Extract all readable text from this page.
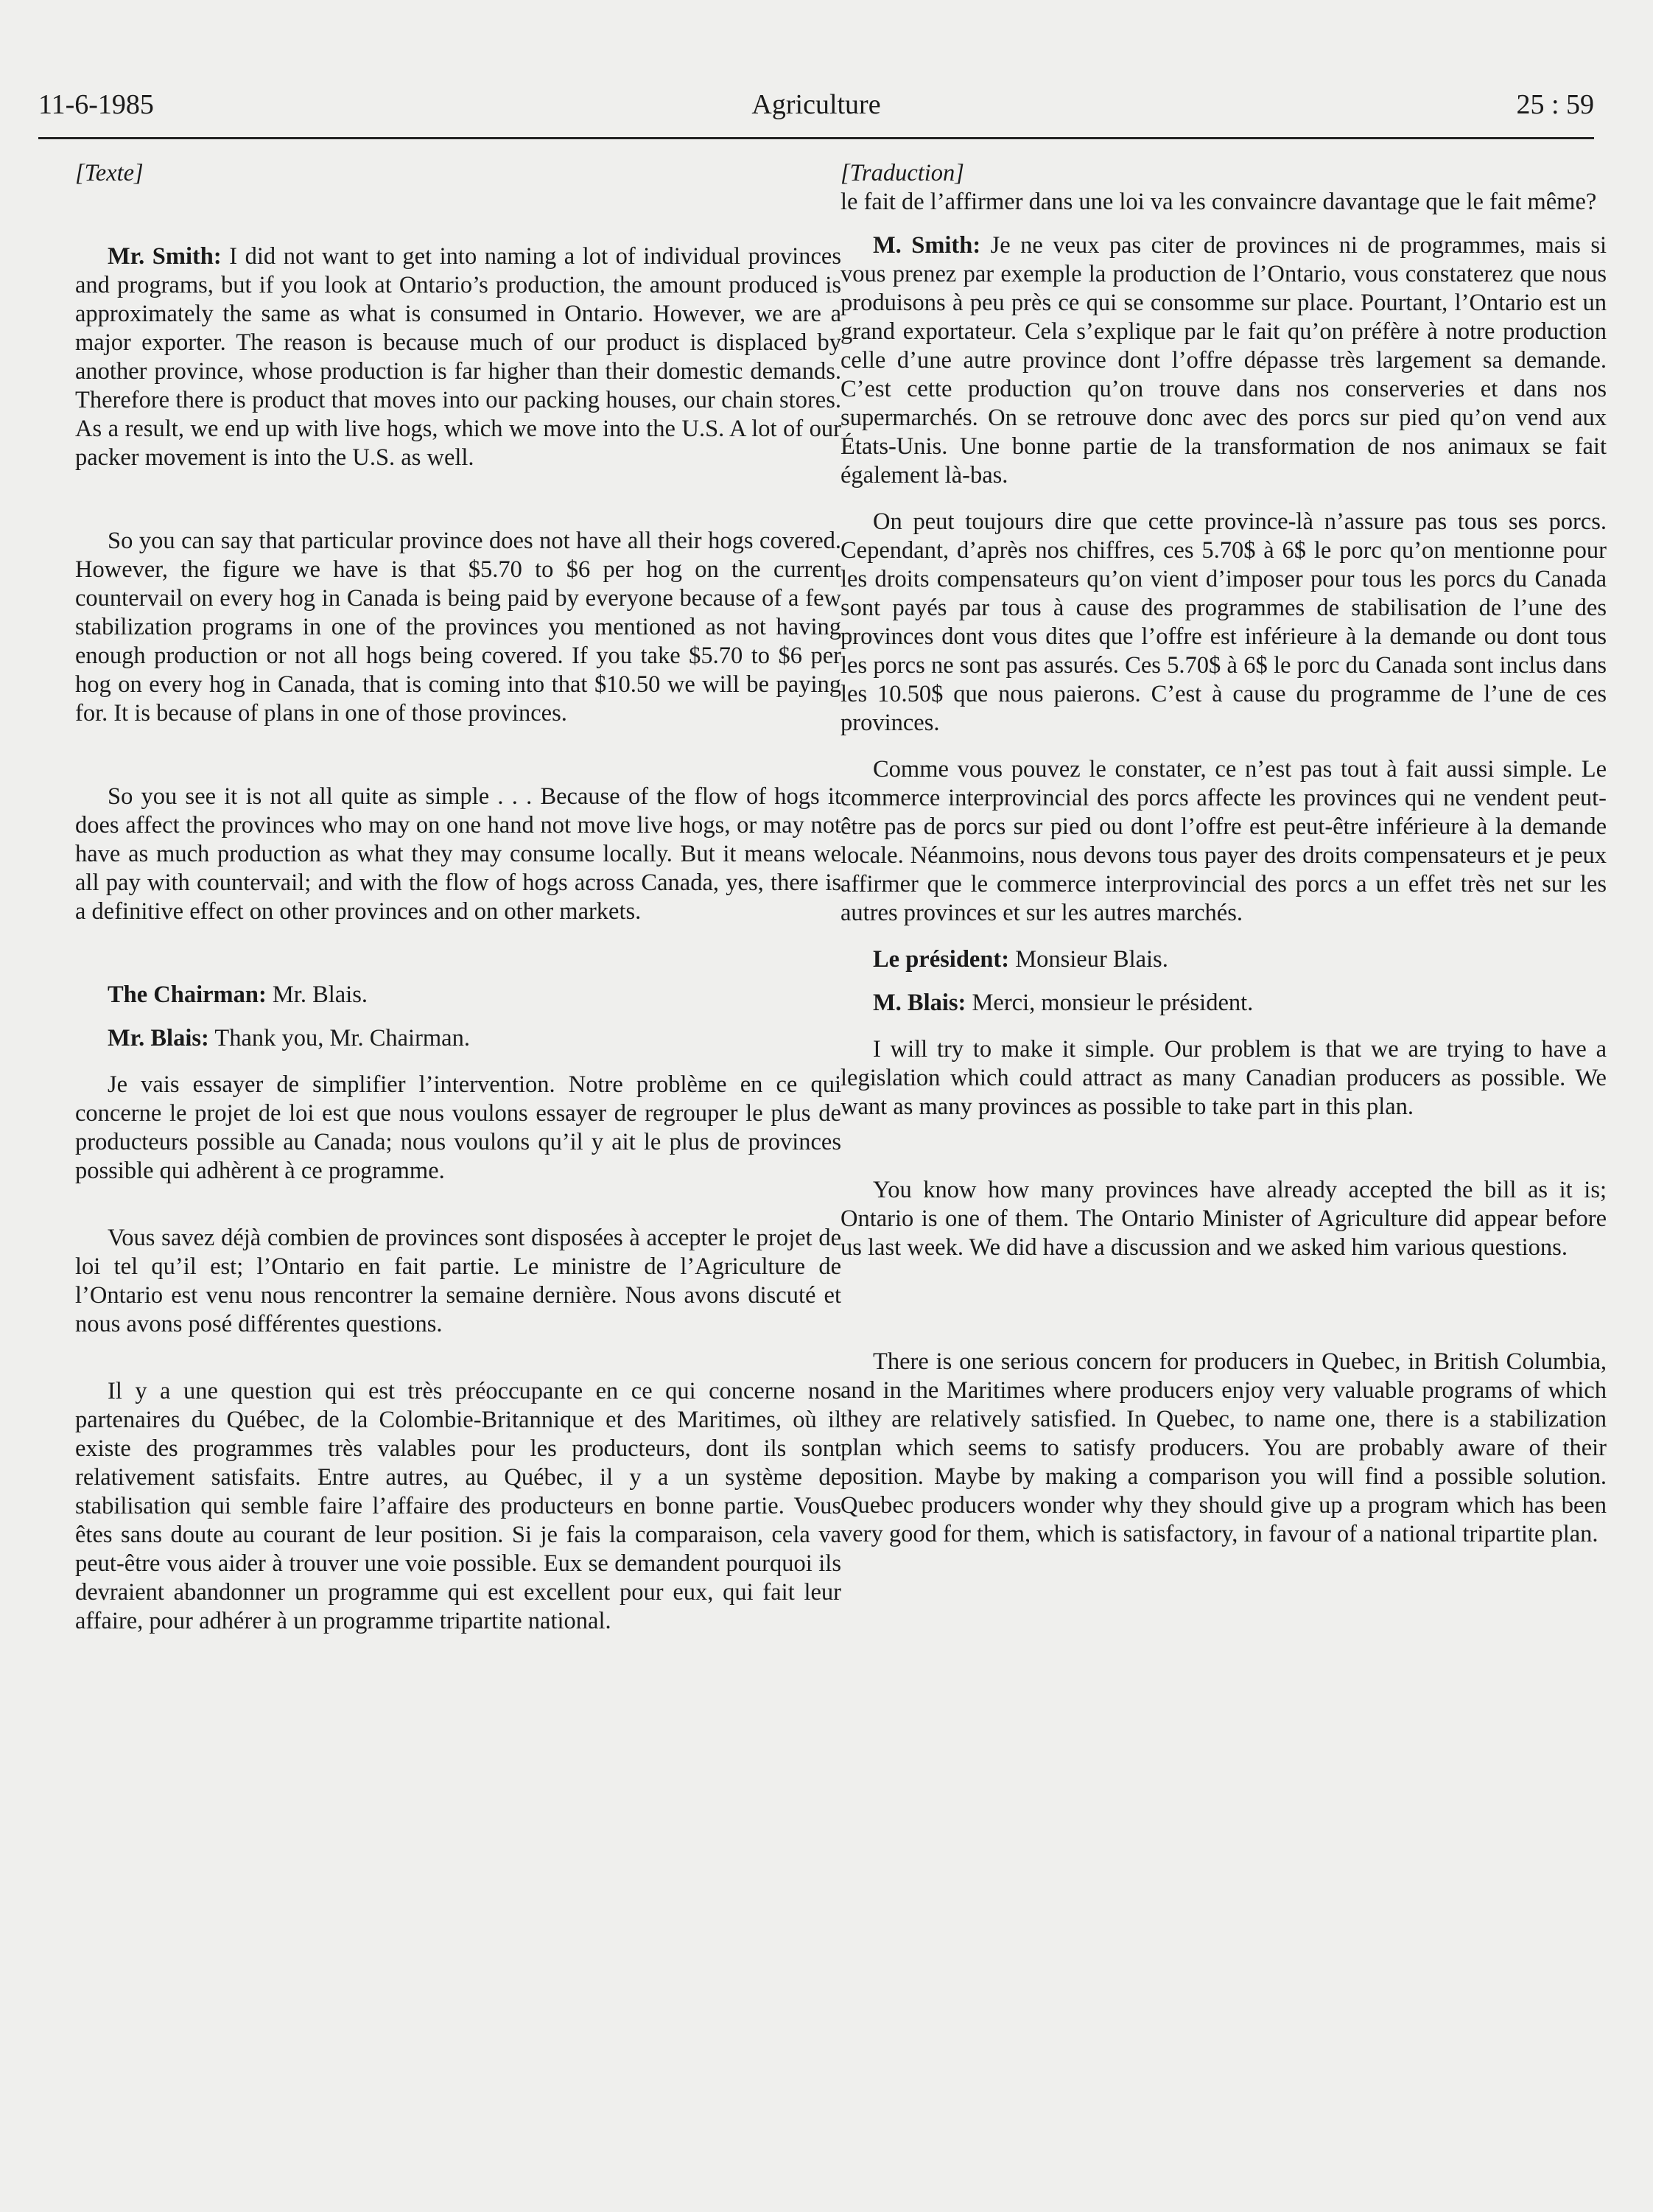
11-6-1985	Agriculture	25 : 59

[Texte]

Mr. Smith: I did not want to get into naming a lot of individual provinces and programs, but if you look at Ontario’s production, the amount produced is approximately the same as what is consumed in Ontario. However, we are a major exporter. The reason is because much of our product is displaced by another province, whose production is far higher than their domestic demands. Therefore there is product that moves into our packing houses, our chain stores. As a result, we end up with live hogs, which we move into the U.S. A lot of our packer movement is into the U.S. as well.

So you can say that particular province does not have all their hogs covered. However, the figure we have is that $5.70 to $6 per hog on the current countervail on every hog in Canada is being paid by everyone because of a few stabilization programs in one of the provinces you mentioned as not having enough production or not all hogs being covered. If you take $5.70 to $6 per hog on every hog in Canada, that is coming into that $10.50 we will be paying for. It is because of plans in one of those provinces.

So you see it is not all quite as simple . . . Because of the flow of hogs it does affect the provinces who may on one hand not move live hogs, or may not have as much production as what they may consume locally. But it means we all pay with countervail; and with the flow of hogs across Canada, yes, there is a definitive effect on other provinces and on other markets.

The Chairman: Mr. Blais.

Mr. Blais: Thank you, Mr. Chairman.

Je vais essayer de simplifier l’intervention. Notre problème en ce qui concerne le projet de loi est que nous voulons essayer de regrouper le plus de producteurs possible au Canada; nous voulons qu’il y ait le plus de provinces possible qui adhèrent à ce programme.

Vous savez déjà combien de provinces sont disposées à accepter le projet de loi tel qu’il est; l’Ontario en fait partie. Le ministre de l’Agriculture de l’Ontario est venu nous rencontrer la semaine dernière. Nous avons discuté et nous avons posé différentes questions.

Il y a une question qui est très préoccupante en ce qui concerne nos partenaires du Québec, de la Colombie-Britannique et des Maritimes, où il existe des programmes très valables pour les producteurs, dont ils sont relativement satisfaits. Entre autres, au Québec, il y a un système de stabilisation qui semble faire l’affaire des producteurs en bonne partie. Vous êtes sans doute au courant de leur position. Si je fais la comparaison, cela va peut-être vous aider à trouver une voie possible. Eux se demandent pourquoi ils devraient abandonner un programme qui est excellent pour eux, qui fait leur affaire, pour adhérer à un programme tripartite national.

[Traduction]

le fait de l’affirmer dans une loi va les convaincre davantage que le fait même?

M. Smith: Je ne veux pas citer de provinces ni de programmes, mais si vous prenez par exemple la production de l’Ontario, vous constaterez que nous produisons à peu près ce qui se consomme sur place. Pourtant, l’Ontario est un grand exportateur. Cela s’explique par le fait qu’on préfère à notre production celle d’une autre province dont l’offre dépasse très largement sa demande. C’est cette production qu’on trouve dans nos conserveries et dans nos supermarchés. On se retrouve donc avec des porcs sur pied qu’on vend aux États-Unis. Une bonne partie de la transformation de nos animaux se fait également là-bas.

On peut toujours dire que cette province-là n’assure pas tous ses porcs. Cependant, d’après nos chiffres, ces 5.70$ à 6$ le porc qu’on mentionne pour les droits compensateurs qu’on vient d’imposer pour tous les porcs du Canada sont payés par tous à cause des programmes de stabilisation de l’une des provinces dont vous dites que l’offre est inférieure à la demande ou dont tous les porcs ne sont pas assurés. Ces 5.70$ à 6$ le porc du Canada sont inclus dans les 10.50$ que nous paierons. C’est à cause du programme de l’une de ces provinces.

Comme vous pouvez le constater, ce n’est pas tout à fait aussi simple. Le commerce interprovincial des porcs affecte les provinces qui ne vendent peut-être pas de porcs sur pied ou dont l’offre est peut-être inférieure à la demande locale. Néanmoins, nous devons tous payer des droits compensateurs et je peux affirmer que le commerce interprovincial des porcs a un effet très net sur les autres provinces et sur les autres marchés.

Le président: Monsieur Blais.

M. Blais: Merci, monsieur le président.

I will try to make it simple. Our problem is that we are trying to have a legislation which could attract as many Canadian producers as possible. We want as many provinces as possible to take part in this plan.

You know how many provinces have already accepted the bill as it is; Ontario is one of them. The Ontario Minister of Agriculture did appear before us last week. We did have a discussion and we asked him various questions.

There is one serious concern for producers in Quebec, in British Columbia, and in the Maritimes where producers enjoy very valuable programs of which they are relatively satisfied. In Quebec, to name one, there is a stabilization plan which seems to satisfy producers. You are probably aware of their position. Maybe by making a comparison you will find a possible solution. Quebec producers wonder why they should give up a program which has been very good for them, which is satisfactory, in favour of a national tripartite plan.
